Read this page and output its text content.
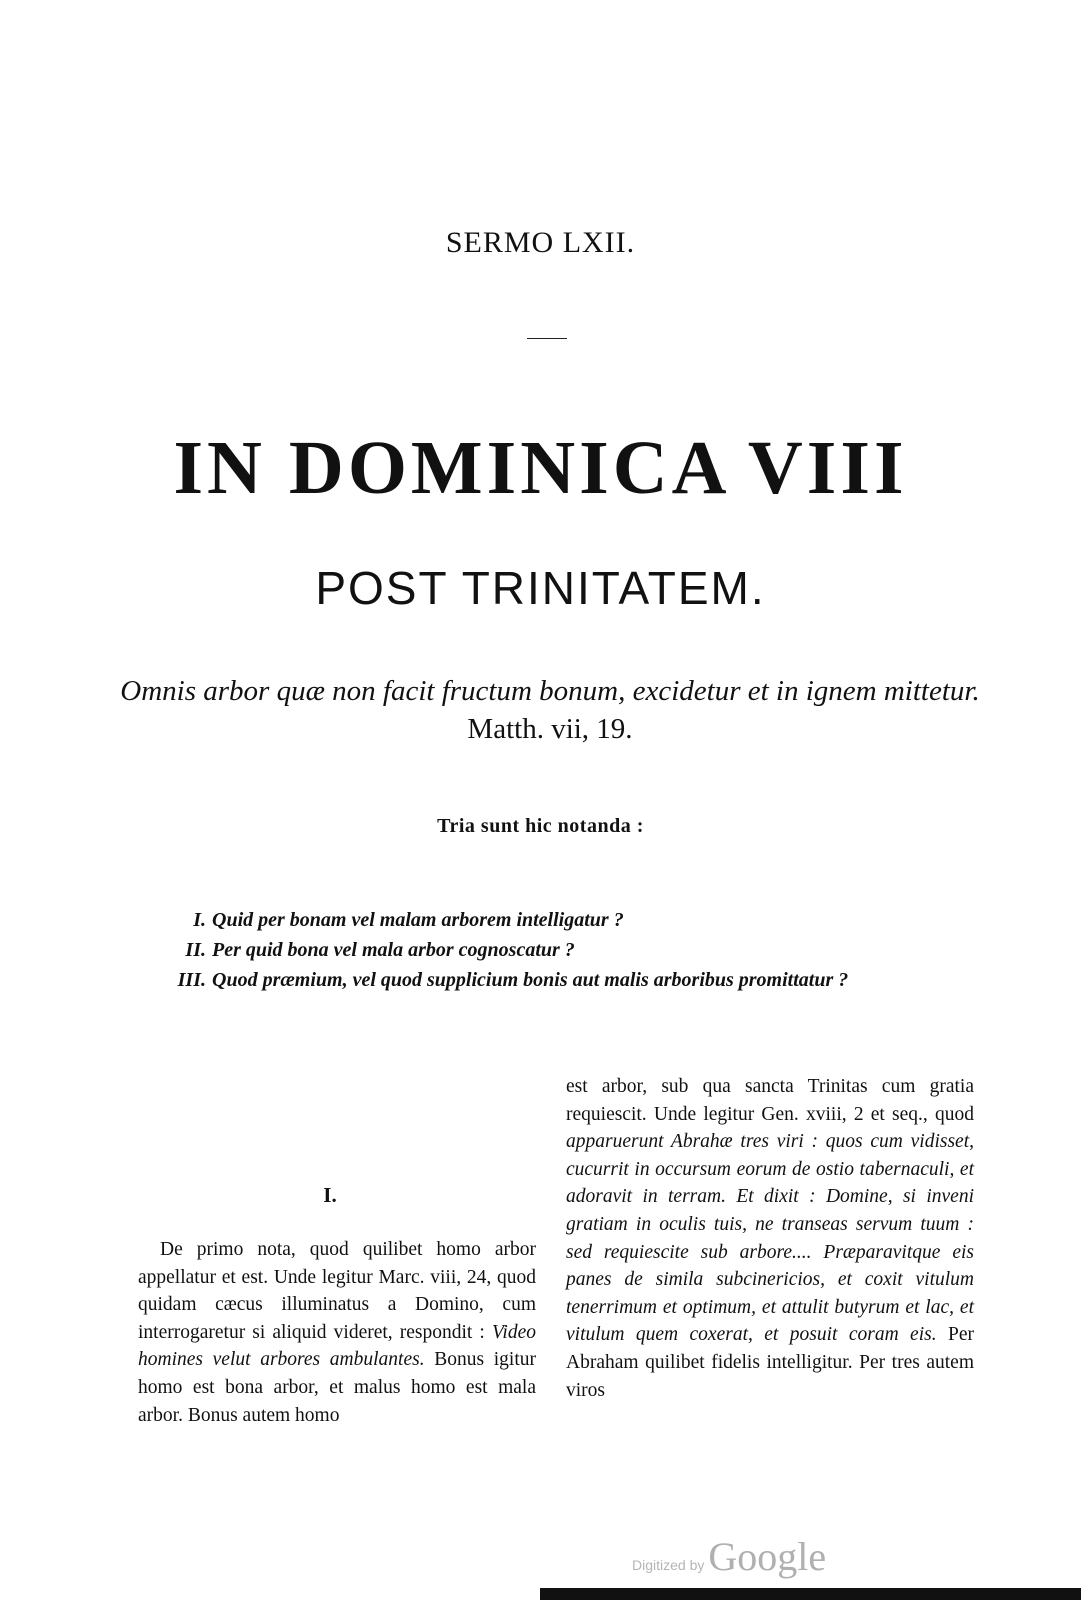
SERMO LXII.
IN DOMINICA VIII
POST TRINITATEM.
Omnis arbor quæ non facit fructum bonum, excidetur et in ignem mittetur. Matth. vii, 19.
Tria sunt hic notanda :
I. Quid per bonam vel malam arborem intelligatur ?
II. Per quid bona vel mala arbor cognoscatur ?
III. Quod præmium, vel quod supplicium bonis aut malis arboribus promittatur ?
I.
De primo nota, quod quilibet homo arbor appellatur et est. Unde legitur Marc. viii, 24, quod quidam cæcus illuminatus a Domino, cum interrogaretur si aliquid videret, respondit : Video homines velut arbores ambulantes. Bonus igitur homo est bona arbor, et malus homo est mala arbor. Bonus autem homo
est arbor, sub qua sancta Trinitas cum gratia requiescit. Unde legitur Gen. xviii, 2 et seq., quod apparuerunt Abrahæ tres viri : quos cum vidisset, cucurrit in occursum eorum de ostio tabernaculi, et adoravit in terram. Et dixit : Domine, si inveni gratiam in oculis tuis, ne transeas servum tuum : sed requiescite sub arbore.... Præparavitque eis panes de simila subcinericios, et coxit vitulum tenerrimum et optimum, et attulit butyrum et lac, et vitulum quem coxerat, et posuit coram eis. Per Abraham quilibet fidelis intelligitur. Per tres autem viros
Digitized by Google
